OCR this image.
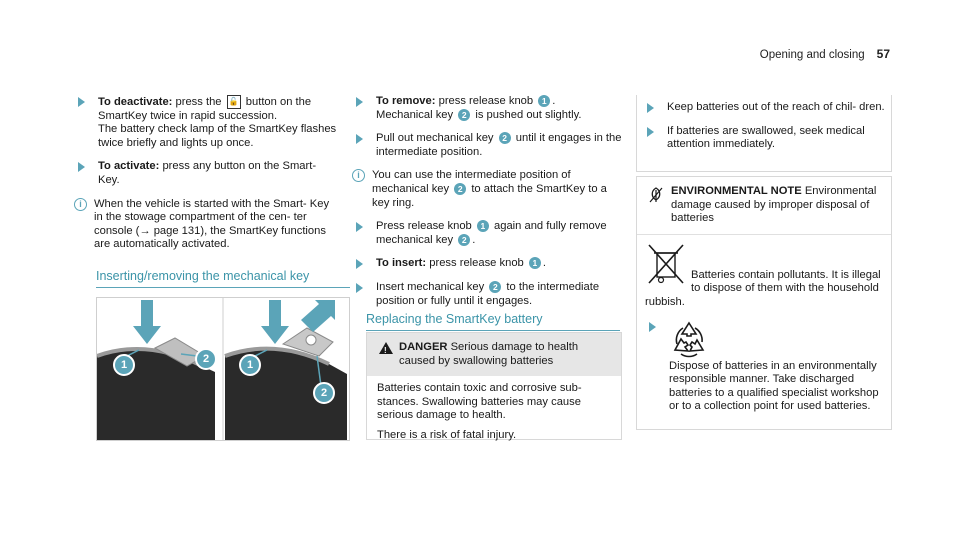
Opening and closing 57
To deactivate: press the 🔓 button on the SmartKey twice in rapid succession.
The battery check lamp of the SmartKey flashes twice briefly and lights up once.
To activate: press any button on the Smart- Key.
i	When the vehicle is started with the Smart- Key in the stowage compartment of the cen- ter console (→ page 131), the SmartKey functions are automatically activated.
Inserting/removing the mechanical key
1	2	1
2
To remove: press release knob 1 .
Mechanical key 2 is pushed out slightly.
Pull out mechanical key 2 until it engages in the intermediate position.
i	You can use the intermediate position of mechanical key 2 to attach the SmartKey to a key ring.
Press release knob 1 again and fully remove mechanical key 2 .
To insert: press release knob 1 .
Insert mechanical key 2 to the intermediate position or fully until it engages.
Replacing the SmartKey battery
! DANGER Serious damage to health caused by swallowing batteries
Batteries contain toxic and corrosive sub- stances. Swallowing batteries may cause serious damage to health.
There is a risk of fatal injury.
Keep batteries out of the reach of chil- dren.
If batteries are swallowed, seek medical attention immediately.
ENVIRONMENTAL NOTE Environmental damage caused by improper disposal of batteries
Batteries contain pollutants. It is illegal to dispose of them with the household rubbish.
Dispose of batteries in an environmentally responsible manner. Take discharged batteries to a qualified specialist workshop or to a collection point for used batteries.
